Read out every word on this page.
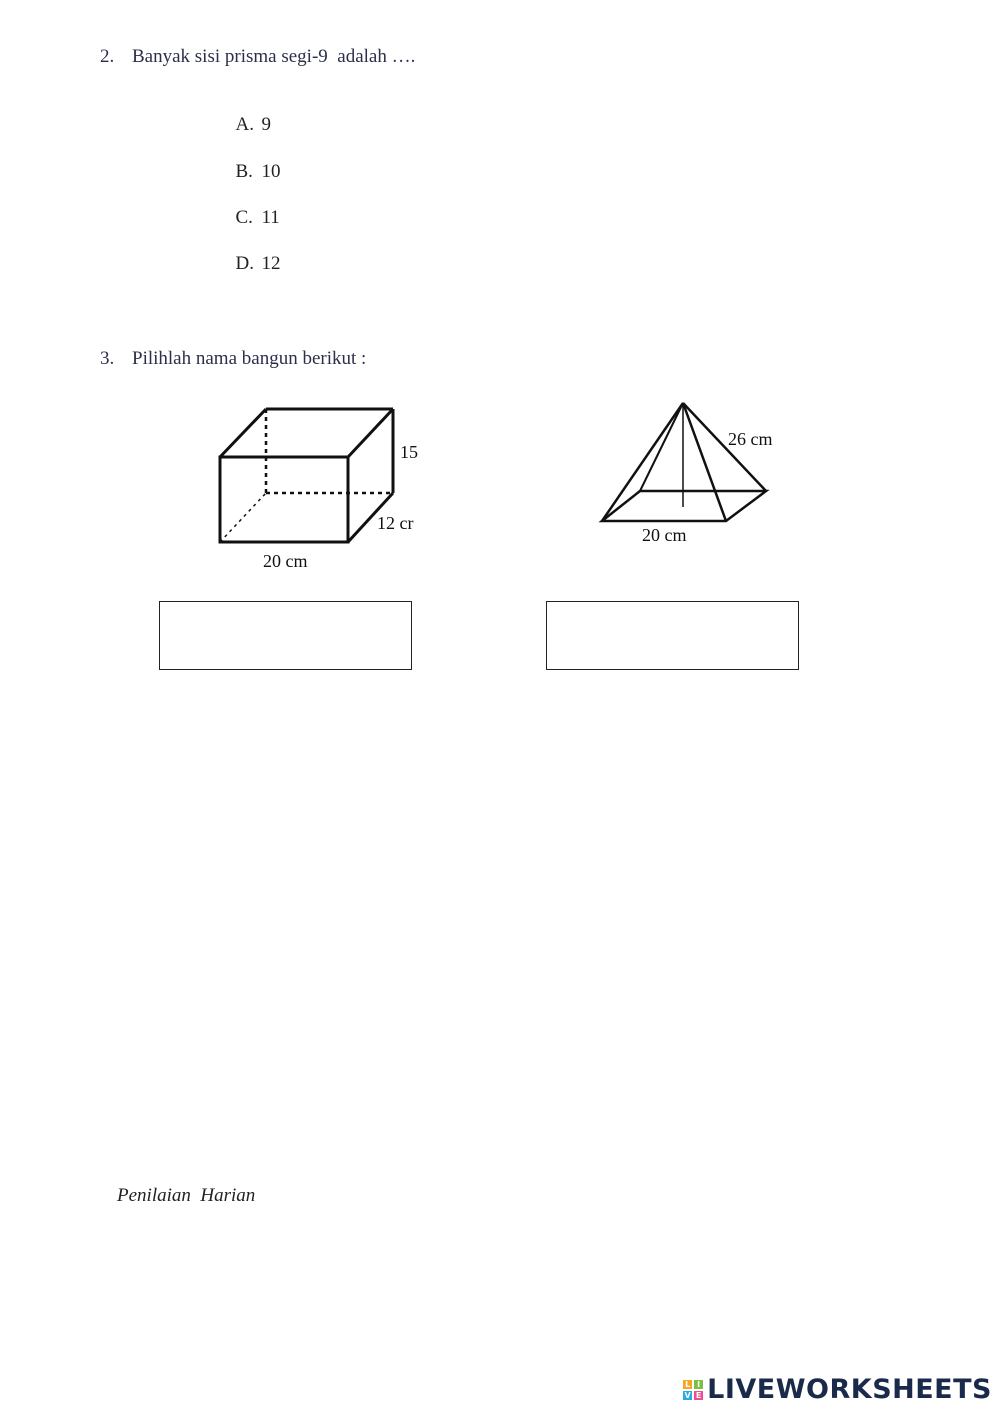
2. Banyak sisi prisma segi-9  adalah ….

A. 9

B. 10

C. 11

D. 12

3. Pilihlah nama bangun berikut :
15
12 cr
20 cm
26 cm
20 cm
Penilaian  Harian
L I
V E LIVEWORKSHEETS
